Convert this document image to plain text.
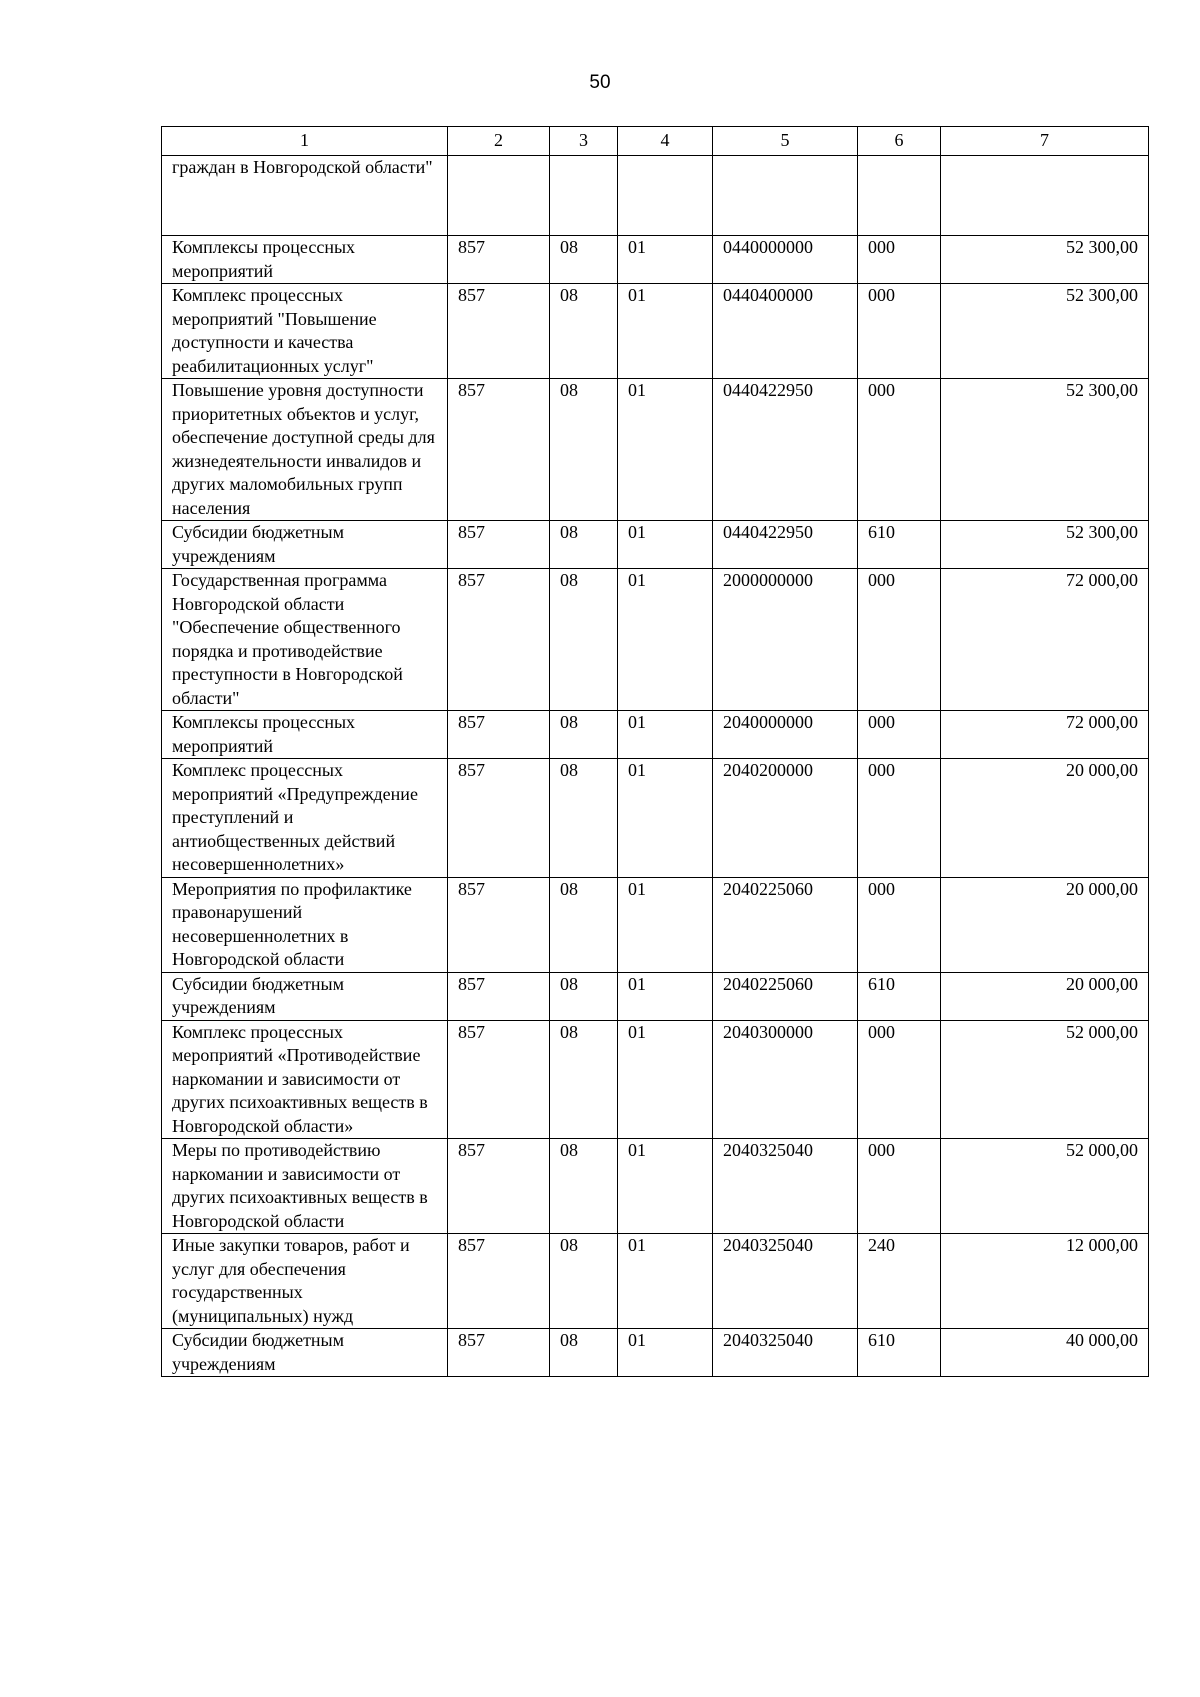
50
1	2	3	4	5	6	7
граждан в Новгородской области"						
Комплексы процессных мероприятий	857	08	01	0440000000	000	52 300,00
Комплекс процессных мероприятий "Повышение доступности и качества реабилитационных услуг"	857	08	01	0440400000	000	52 300,00
Повышение уровня доступности приоритетных объектов и услуг, обеспечение доступной среды для жизнедеятельности инвалидов и других маломобильных групп населения	857	08	01	0440422950	000	52 300,00
Субсидии бюджетным учреждениям	857	08	01	0440422950	610	52 300,00
Государственная программа Новгородской области "Обеспечение общественного порядка и противодействие преступности в Новгородской области"	857	08	01	2000000000	000	72 000,00
Комплексы процессных мероприятий	857	08	01	2040000000	000	72 000,00
Комплекс процессных мероприятий «Предупреждение преступлений и антиобщественных действий несовершеннолетних»	857	08	01	2040200000	000	20 000,00
Мероприятия по профилактике правонарушений несовершеннолетних в Новгородской области	857	08	01	2040225060	000	20 000,00
Субсидии бюджетным учреждениям	857	08	01	2040225060	610	20 000,00
Комплекс процессных мероприятий «Противодействие наркомании и зависимости от других психоактивных веществ в Новгородской области»	857	08	01	2040300000	000	52 000,00
Меры по противодействию наркомании и зависимости от других психоактивных веществ в Новгородской области	857	08	01	2040325040	000	52 000,00
Иные закупки товаров, работ и услуг для обеспечения государственных (муниципальных) нужд	857	08	01	2040325040	240	12 000,00
Субсидии бюджетным учреждениям	857	08	01	2040325040	610	40 000,00
